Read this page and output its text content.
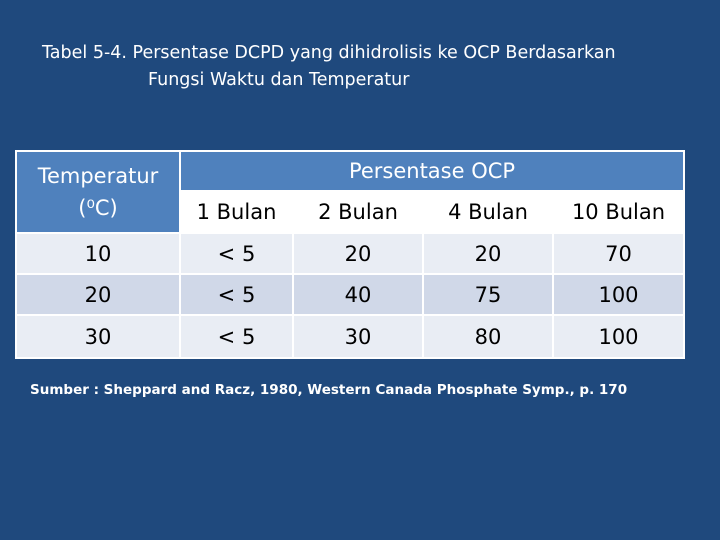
Tabel 5-4. Persentase DCPD yang dihidrolisis ke OCP Berdasarkan
Fungsi Waktu dan Temperatur
Temperatur
(⁰C)	Persentase OCP			
	1 Bulan	2 Bulan	4 Bulan	10 Bulan
10	< 5	20	20	70
20	< 5	40	75	100
30	< 5	30	80	100
Sumber : Sheppard and Racz, 1980, Western Canada Phosphate Symp., p. 170
